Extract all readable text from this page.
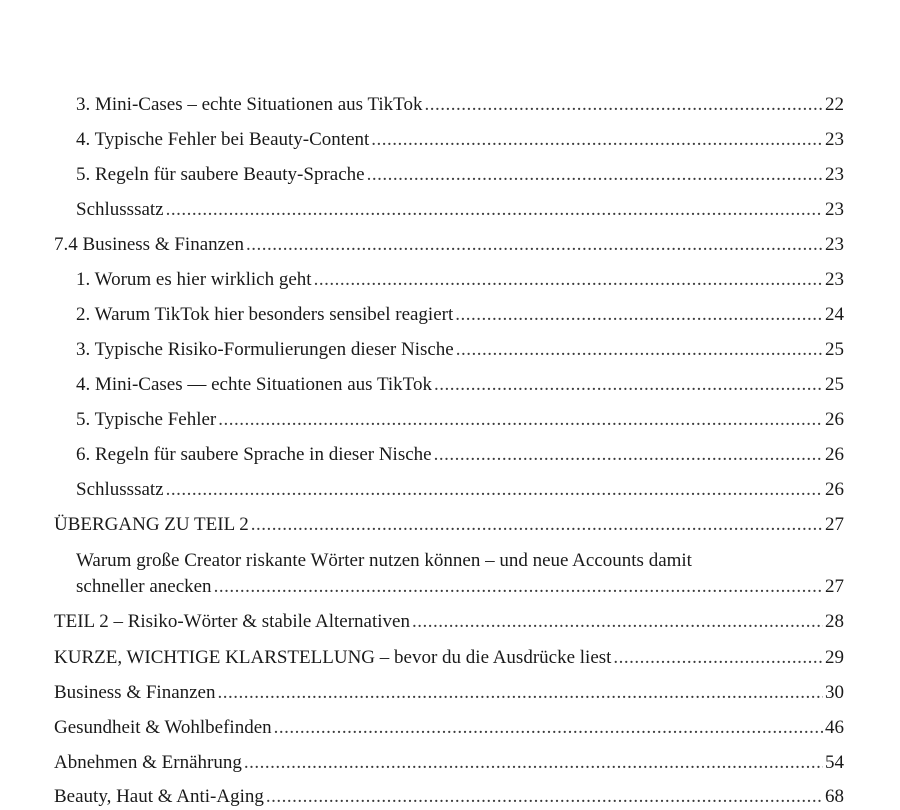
3. Mini-Cases – echte Situationen aus TikTok .....	22
4. Typische Fehler bei Beauty-Content .....	23
5. Regeln für saubere Beauty-Sprache .....	23
Schlusssatz .....	23
7.4 Business & Finanzen .....	23
1. Worum es hier wirklich geht .....	23
2. Warum TikTok hier besonders sensibel reagiert .....	24
3. Typische Risiko-Formulierungen dieser Nische .....	25
4. Mini-Cases — echte Situationen aus TikTok .....	25
5. Typische Fehler .....	26
6. Regeln für saubere Sprache in dieser Nische .....	26
Schlusssatz .....	26
ÜBERGANG ZU TEIL 2 .....	27
Warum große Creator riskante Wörter nutzen können – und neue Accounts damit
schneller anecken .....	27
TEIL 2 – Risiko-Wörter & stabile Alternativen .....	28
KURZE, WICHTIGE KLARSTELLUNG – bevor du die Ausdrücke liest .....	29
Business & Finanzen .....	30
Gesundheit & Wohlbefinden .....	46
Abnehmen & Ernährung .....	54
Beauty, Haut & Anti-Aging .....	68
